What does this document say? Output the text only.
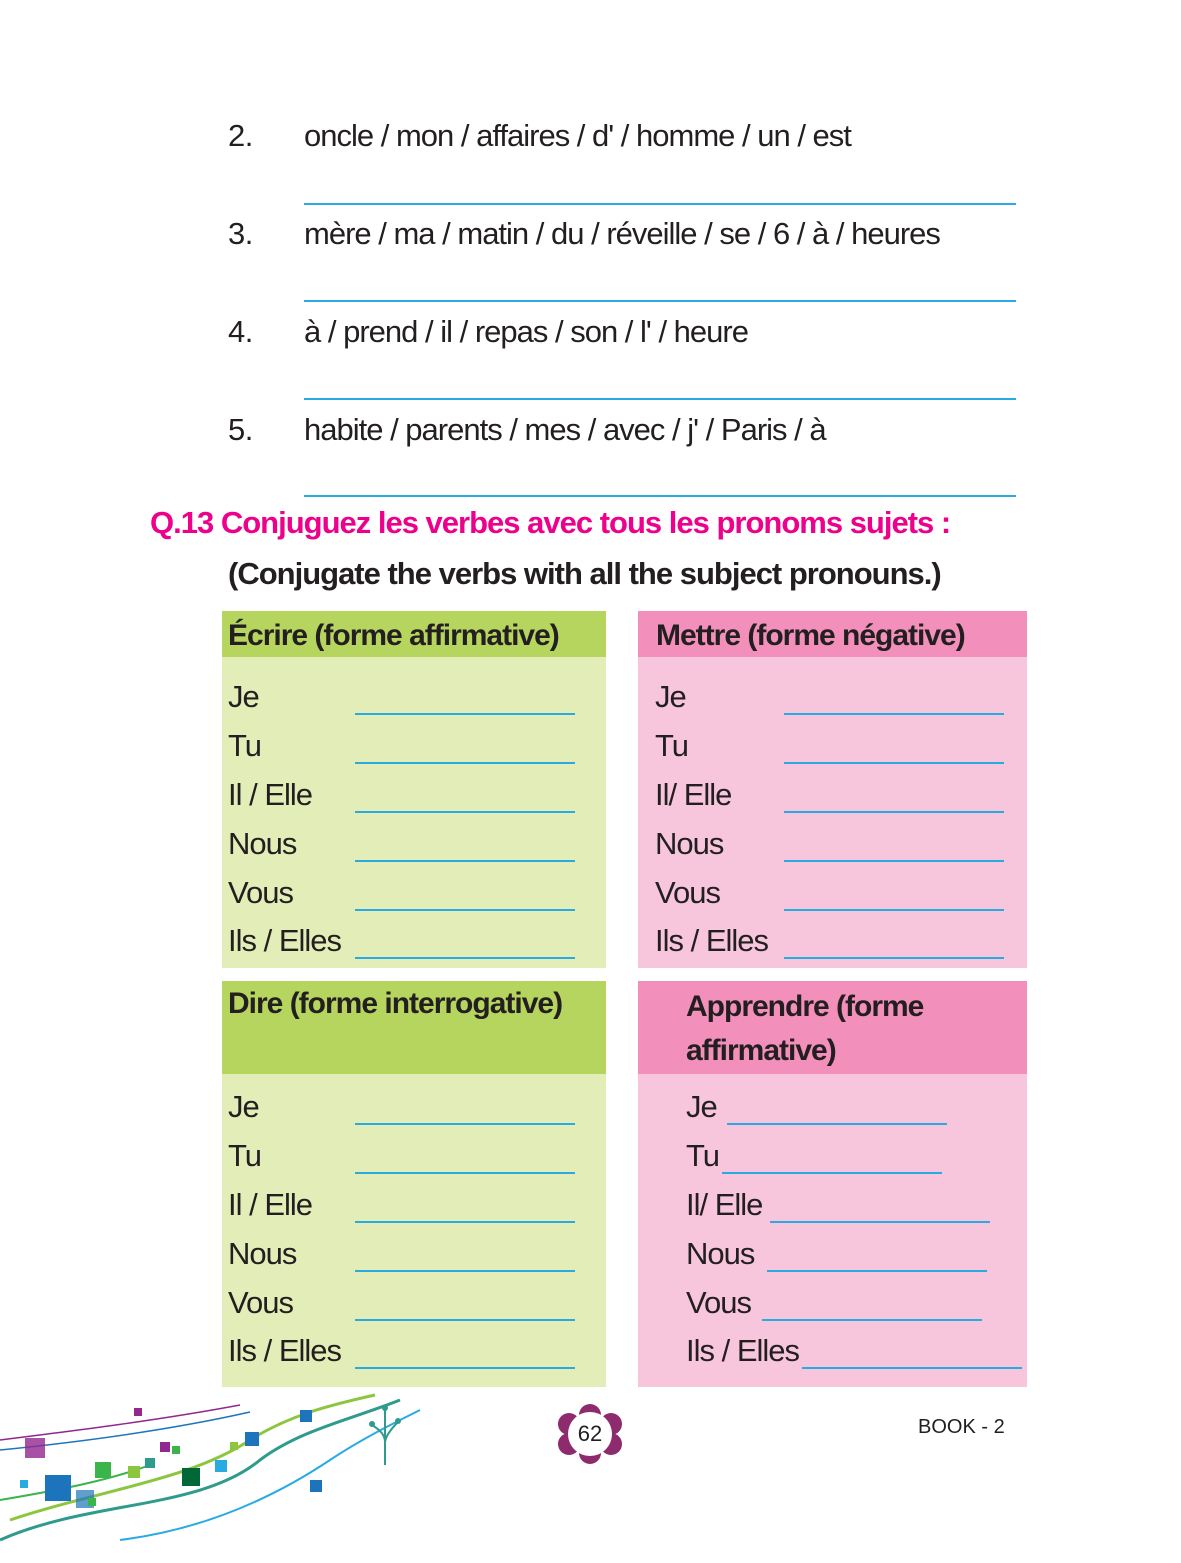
2. oncle / mon / affaires / d' / homme / un / est
3. mère / ma / matin / du / réveille / se / 6 / à / heures
4. à / prend / il / repas / son / l' / heure
5. habite / parents / mes / avec / j' / Paris / à
Q.13 Conjuguez les verbes avec tous les pronoms sujets :
(Conjugate the verbs with all the subject pronouns.)
Écrire (forme affirmative)
Je
Tu
Il / Elle
Nous
Vous
Ils / Elles
Mettre (forme négative)
Je
Tu
Il/ Elle
Nous
Vous
Ils / Elles
Dire (forme interrogative)
Je
Tu
Il / Elle
Nous
Vous
Ils / Elles
Apprendre (forme
affirmative)
Je
Tu
Il/ Elle
Nous
Vous
Ils / Elles
62	BOOK - 2
